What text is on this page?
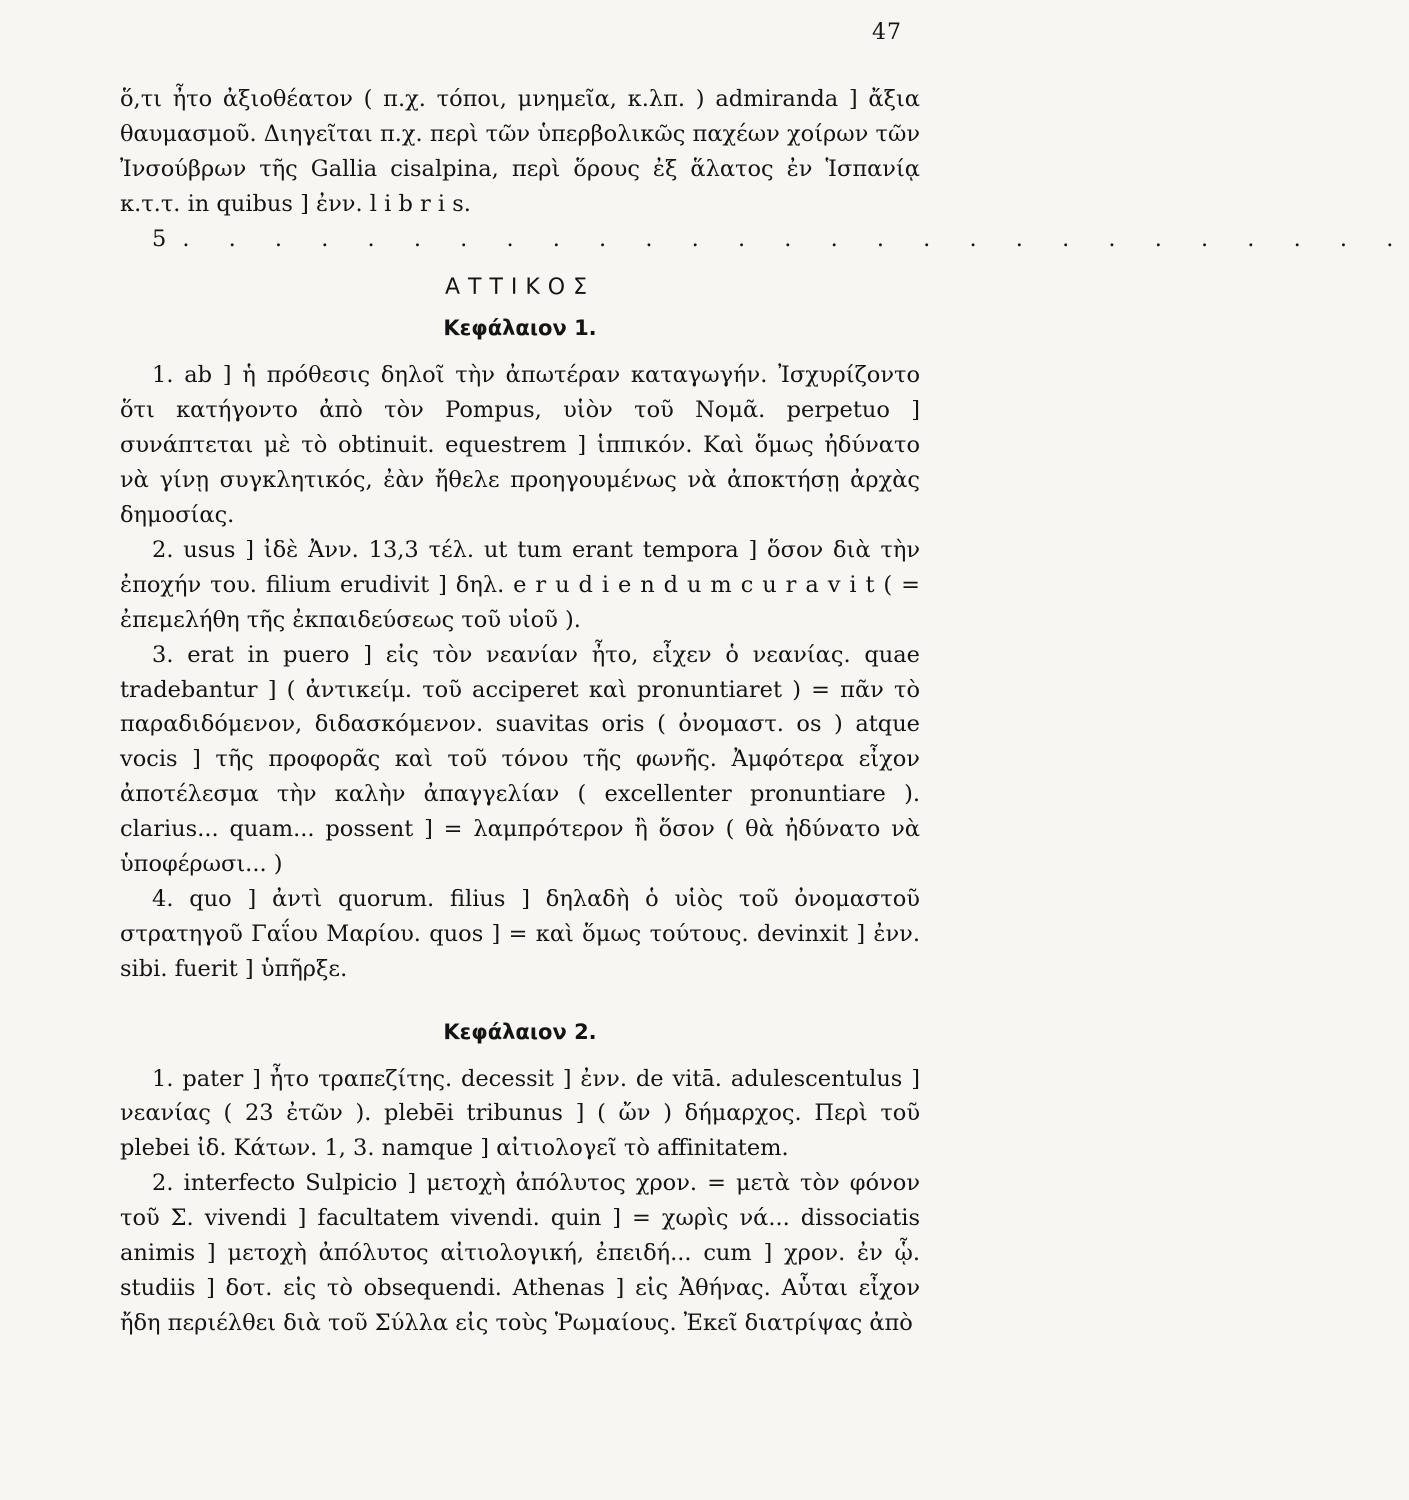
47

ὅ,τι ἦτο ἀξιοθέατον ( π.χ. τόποι, μνημεῖα, κ.λπ. ) admiranda ] ἄξια θαυμασμοῦ. Διηγεῖται π.χ. περὶ τῶν ὑπερβολικῶς παχέων χοίρων τῶν Ἰνσούβρων τῆς Gallia cisalpina, περὶ ὅρους ἐξ ἅλατος ἐν Ἱσπανίᾳ κ.τ.τ. in quibus ] ἐνν. l i b r i s.

5. . . . . . . . . . . . . . . . . . . . . . . . . . .

ΑΤΤΙΚΟΣ
Κεφάλαιον 1.

1. ab ] ἡ πρόθεσις δηλοῖ τὴν ἀπωτέραν καταγωγήν. Ἰσχυρίζοντο ὅτι κατήγοντο ἀπὸ τὸν Pompus, υἱὸν τοῦ Νομᾶ. perpetuo ] συνάπτεται μὲ τὸ obtinuit. equestrem ] ἱππικόν. Καὶ ὅμως ἠδύνατο νὰ γίνῃ συγκλητικός, ἐὰν ἤθελε προηγουμένως νὰ ἀποκτήσῃ ἀρχὰς δημοσίας.

2. usus ] ἰδὲ Ἀνν. 13,3 τέλ. ut tum erant tempora ] ὅσον διὰ τὴν ἐποχήν του. filium erudivit ] δηλ. e r u d i e n d u m c u r a v i t ( = ἐπεμελήθη τῆς ἐκπαιδεύσεως τοῦ υἱοῦ ).

3. erat in puero ] εἰς τὸν νεανίαν ἦτο, εἶχεν ὁ νεανίας. quae tradebantur ] ( ἀντικείμ. τοῦ acciperet καὶ pronuntiaret ) = πᾶν τὸ παραδιδόμενον, διδασκόμενον. suavitas oris ( ὀνομαστ. os ) atque vocis ] τῆς προφορᾶς καὶ τοῦ τόνου τῆς φωνῆς. Ἀμφότερα εἶχον ἀποτέλεσμα τὴν καλὴν ἀπαγγελίαν ( excellenter pronuntiare ). clarius... quam... possent ] = λαμπρότερον ἢ ὅσον ( θὰ ἠδύνατο νὰ ὑποφέρωσι... )

4. quo ] ἀντὶ quorum. filius ] δηλαδὴ ὁ υἱὸς τοῦ ὀνομαστοῦ στρατηγοῦ Γαΐου Μαρίου. quos ] = καὶ ὅμως τούτους. devinxit ] ἐνν. sibi. fuerit ] ὑπῆρξε.

Κεφάλαιον 2.

1. pater ] ἦτο τραπεζίτης. decessit ] ἐνν. de vitā. adulescentulus ] νεανίας ( 23 ἐτῶν ). plebēi tribunus ] ( ὤν ) δήμαρχος. Περὶ τοῦ plebei ἰδ. Κάτων. 1, 3. namque ] αἰτιολογεῖ τὸ affinitatem.

2. interfecto Sulpicio ] μετοχὴ ἀπόλυτος χρον. = μετὰ τὸν φόνον τοῦ Σ. vivendi ] facultatem vivendi. quin ] = χωρὶς νά... dissociatis animis ] μετοχὴ ἀπόλυτος αἰτιολογική, ἐπειδή... cum ] χρον. ἐν ᾧ. studiis ] δοτ. εἰς τὸ obsequendi. Athenas ] εἰς Ἀθήνας. Αὗται εἶχον ἤδη περιέλθει διὰ τοῦ Σύλλα εἰς τοὺς Ῥωμαίους. Ἐκεῖ διατρίψας ἀπὸ
